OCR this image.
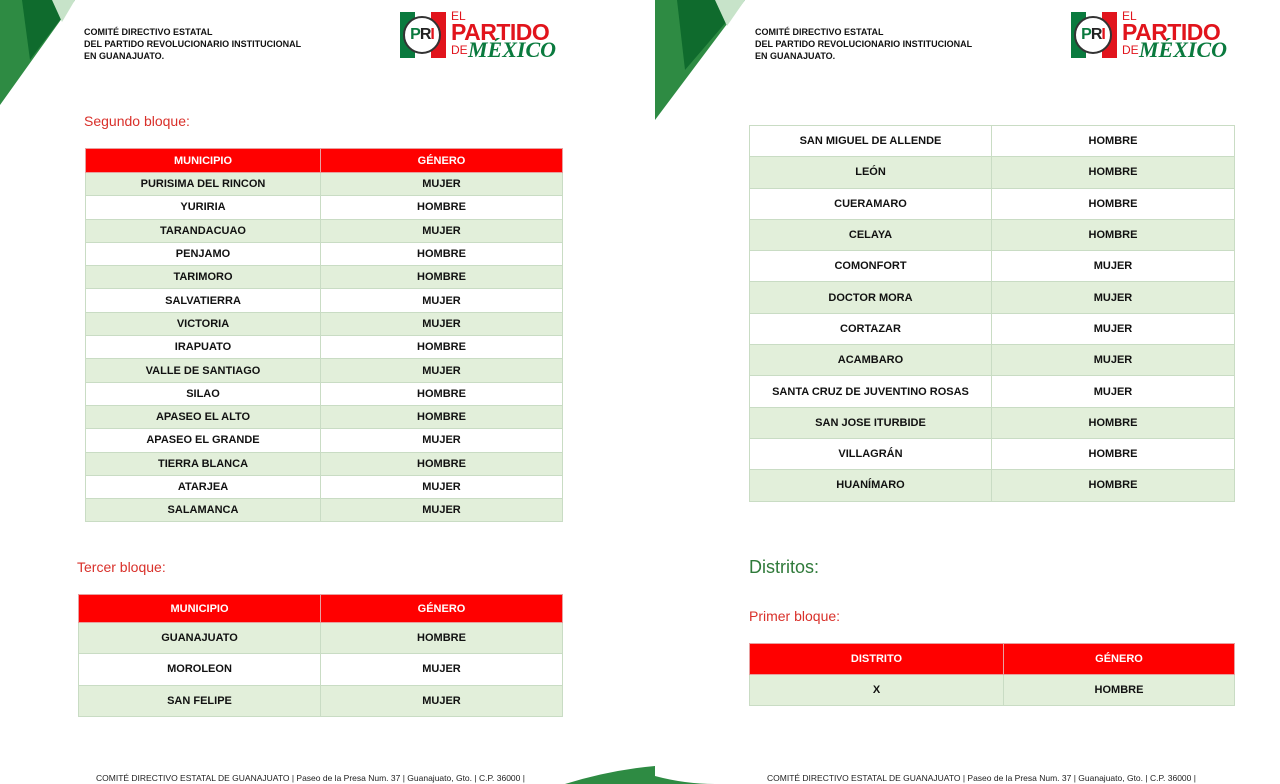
COMITÉ DIRECTIVO ESTATAL
DEL PARTIDO REVOLUCIONARIO INSTITUCIONAL
EN GUANAJUATO.
PRI
EL
PARTIDO
DE MÉXICO
Segundo bloque:
MUNICIPIO	GÉNERO
PURISIMA DEL RINCON	MUJER
YURIRIA	HOMBRE
TARANDACUAO	MUJER
PENJAMO	HOMBRE
TARIMORO	HOMBRE
SALVATIERRA	MUJER
VICTORIA	MUJER
IRAPUATO	HOMBRE
VALLE DE SANTIAGO	MUJER
SILAO	HOMBRE
APASEO EL ALTO	HOMBRE
APASEO EL GRANDE	MUJER
TIERRA BLANCA	HOMBRE
ATARJEA	MUJER
SALAMANCA	MUJER
Tercer bloque:
MUNICIPIO	GÉNERO
GUANAJUATO	HOMBRE
MOROLEON	MUJER
SAN FELIPE	MUJER
COMITÉ DIRECTIVO ESTATAL DE GUANAJUATO | Paseo de la Presa Num. 37 | Guanajuato, Gto. | C.P. 36000 |
COMITÉ DIRECTIVO ESTATAL
DEL PARTIDO REVOLUCIONARIO INSTITUCIONAL
EN GUANAJUATO.
PRI
EL
PARTIDO
DE MÉXICO
SAN MIGUEL DE ALLENDE	HOMBRE
LEÓN	HOMBRE
CUERAMARO	HOMBRE
CELAYA	HOMBRE
COMONFORT	MUJER
DOCTOR MORA	MUJER
CORTAZAR	MUJER
ACAMBARO	MUJER
SANTA CRUZ DE JUVENTINO ROSAS	MUJER
SAN JOSE ITURBIDE	HOMBRE
VILLAGRÁN	HOMBRE
HUANÍMARO	HOMBRE
Distritos:
Primer bloque:
DISTRITO	GÉNERO
X	HOMBRE
COMITÉ DIRECTIVO ESTATAL DE GUANAJUATO | Paseo de la Presa Num. 37 | Guanajuato, Gto. | C.P. 36000 |
